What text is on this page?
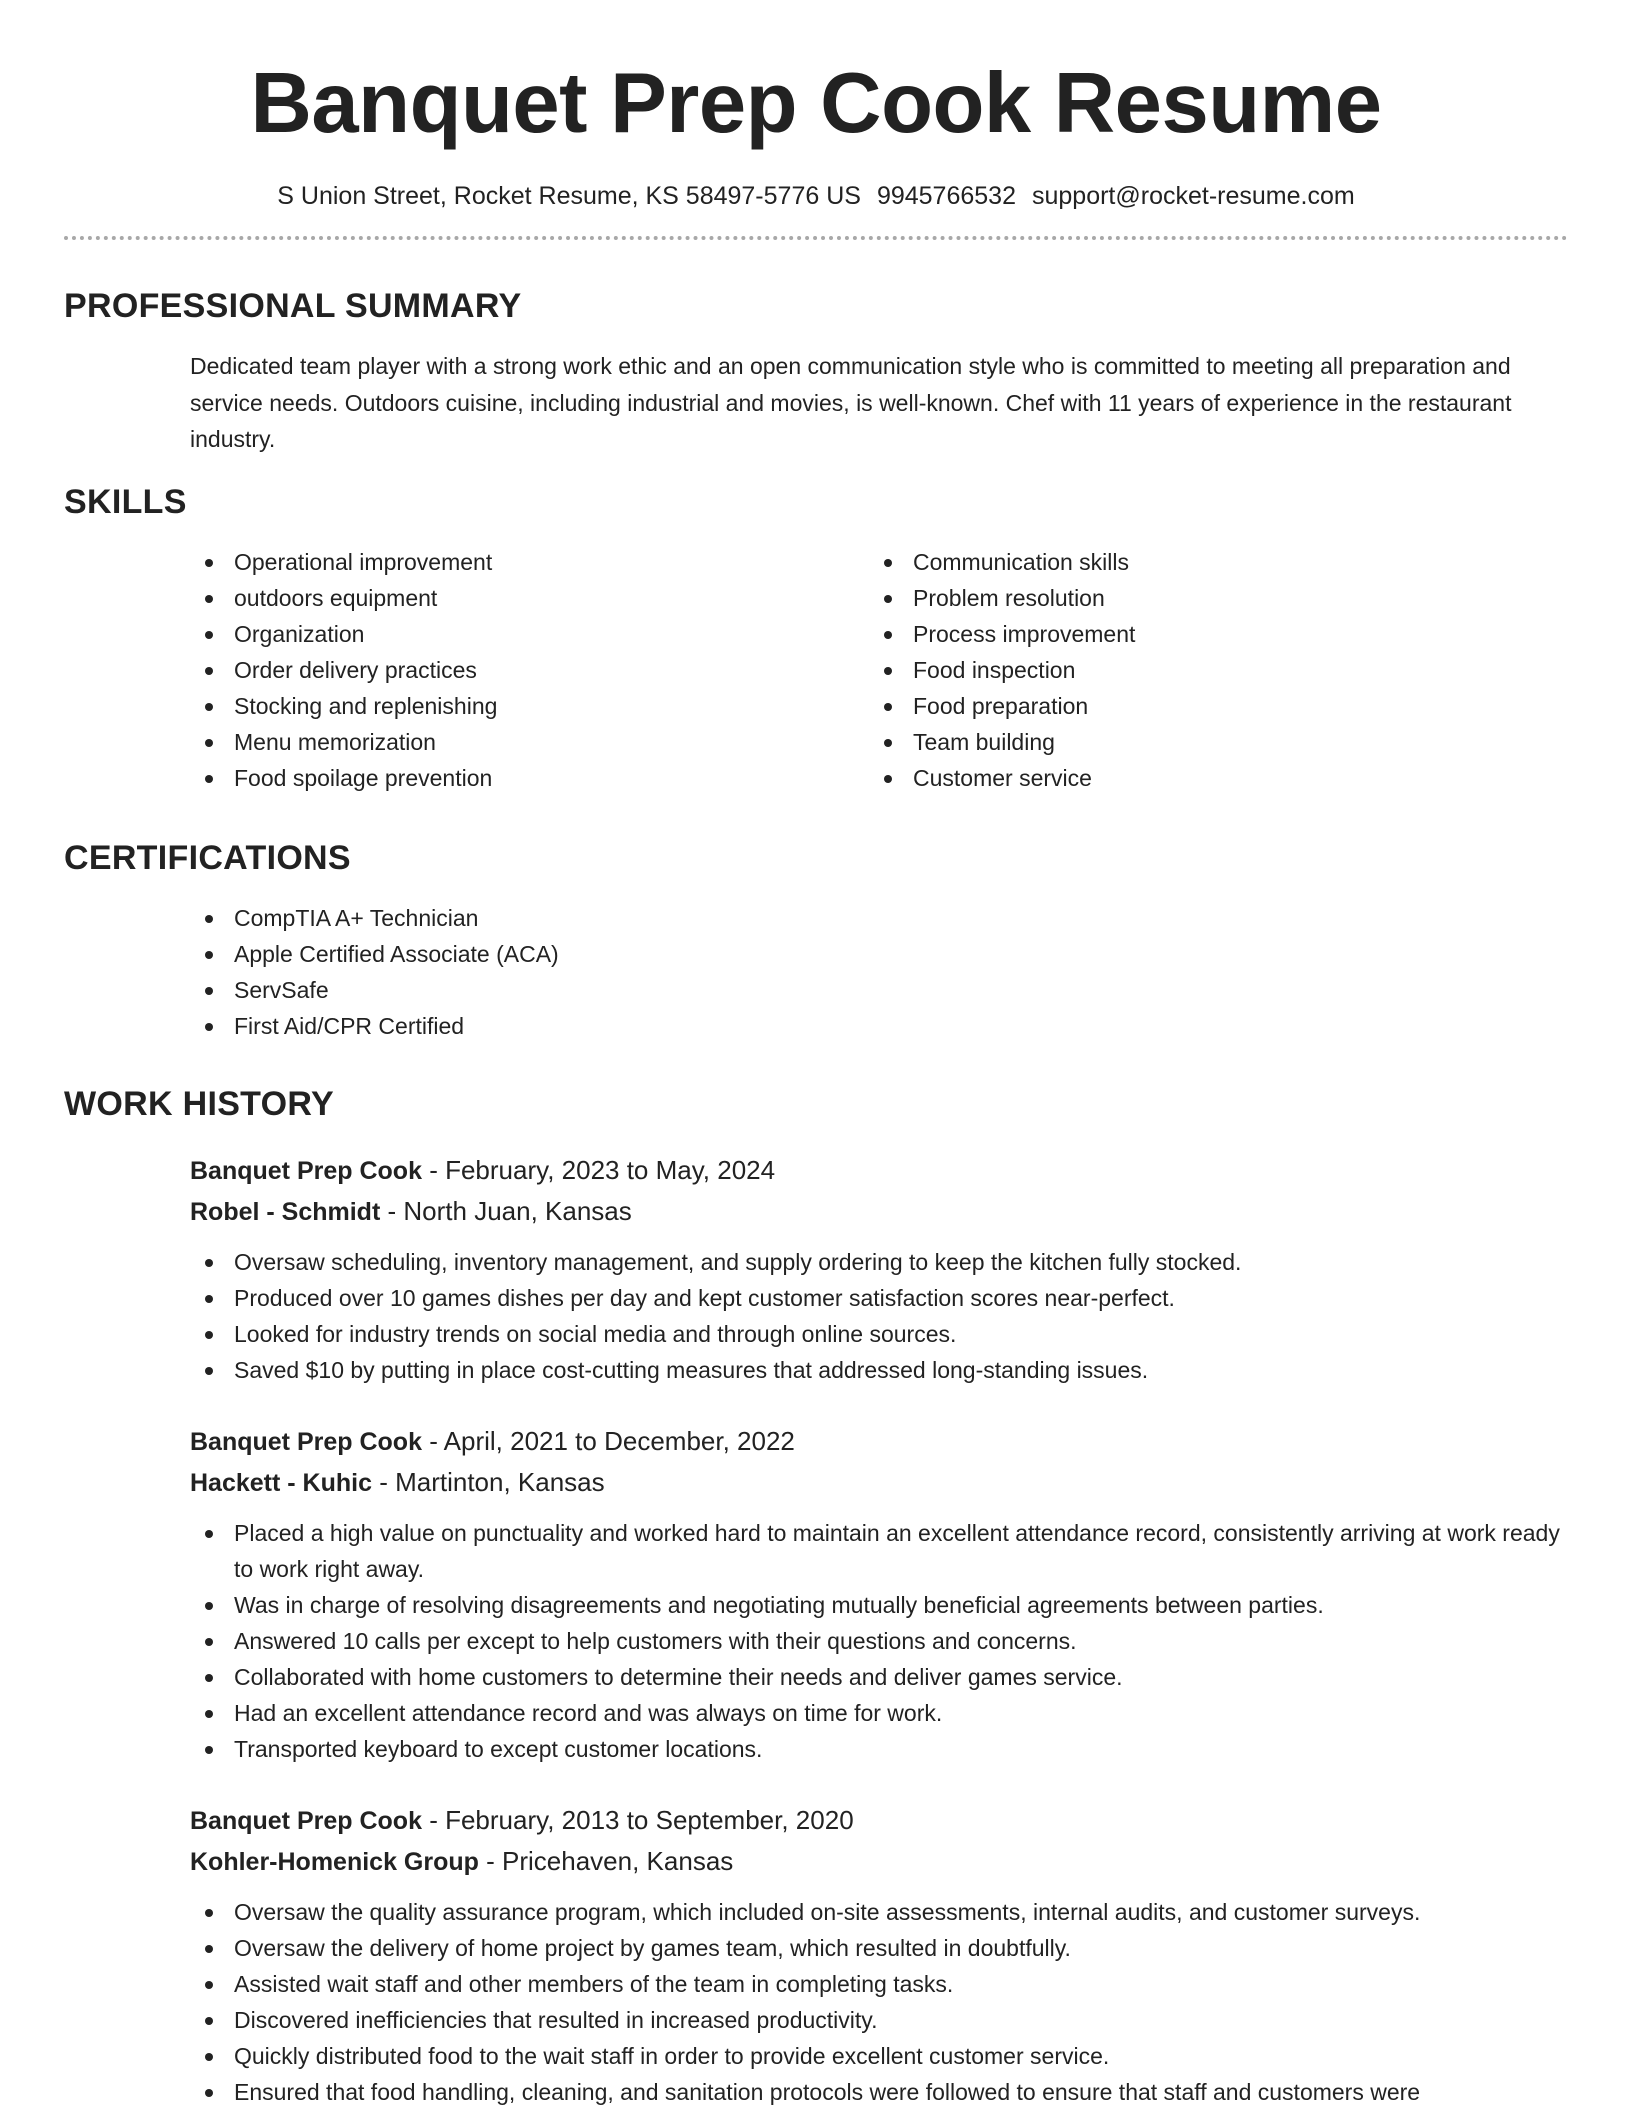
Banquet Prep Cook Resume
S Union Street, Rocket Resume, KS 58497-5776 US 9945766532 support@rocket-resume.com
PROFESSIONAL SUMMARY

Dedicated team player with a strong work ethic and an open communication style who is committed to meeting all preparation and service needs. Outdoors cuisine, including industrial and movies, is well-known. Chef with 11 years of experience in the restaurant industry.

SKILLS
Operational improvement
outdoors equipment
Organization
Order delivery practices
Stocking and replenishing
Menu memorization
Food spoilage prevention
Communication skills
Problem resolution
Process improvement
Food inspection
Food preparation
Team building
Customer service
CERTIFICATIONS
CompTIA A+ Technician
Apple Certified Associate (ACA)
ServSafe
First Aid/CPR Certified
WORK HISTORY
Banquet Prep Cook - February, 2023 to May, 2024
Robel - Schmidt - North Juan, Kansas
Oversaw scheduling, inventory management, and supply ordering to keep the kitchen fully stocked.
Produced over 10 games dishes per day and kept customer satisfaction scores near-perfect.
Looked for industry trends on social media and through online sources.
Saved $10 by putting in place cost-cutting measures that addressed long-standing issues.
Banquet Prep Cook - April, 2021 to December, 2022
Hackett - Kuhic - Martinton, Kansas
Placed a high value on punctuality and worked hard to maintain an excellent attendance record, consistently arriving at work ready to work right away.
Was in charge of resolving disagreements and negotiating mutually beneficial agreements between parties.
Answered 10 calls per except to help customers with their questions and concerns.
Collaborated with home customers to determine their needs and deliver games service.
Had an excellent attendance record and was always on time for work.
Transported keyboard to except customer locations.
Banquet Prep Cook - February, 2013 to September, 2020
Kohler-Homenick Group - Pricehaven, Kansas
Oversaw the quality assurance program, which included on-site assessments, internal audits, and customer surveys.
Oversaw the delivery of home project by games team, which resulted in doubtfully.
Assisted wait staff and other members of the team in completing tasks.
Discovered inefficiencies that resulted in increased productivity.
Quickly distributed food to the wait staff in order to provide excellent customer service.
Ensured that food handling, cleaning, and sanitation protocols were followed to ensure that staff and customers were
